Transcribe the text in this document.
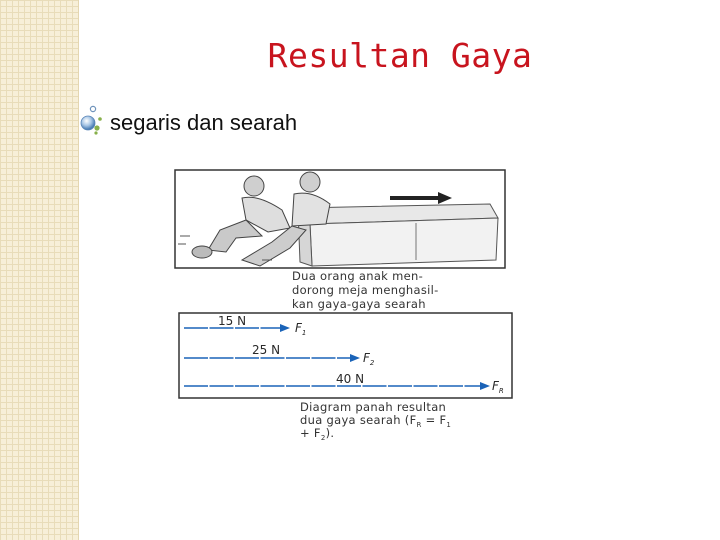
Resultan Gaya
segaris dan searah
Dua orang anak men-
dorong meja menghasil-
kan gaya-gaya searah
15 N	$F_1$
25 N
$F_2$
40 N	$F_R$
Diagram panah resultan
dua gaya searah ($F_R = F_1$
+ $F_2$).
